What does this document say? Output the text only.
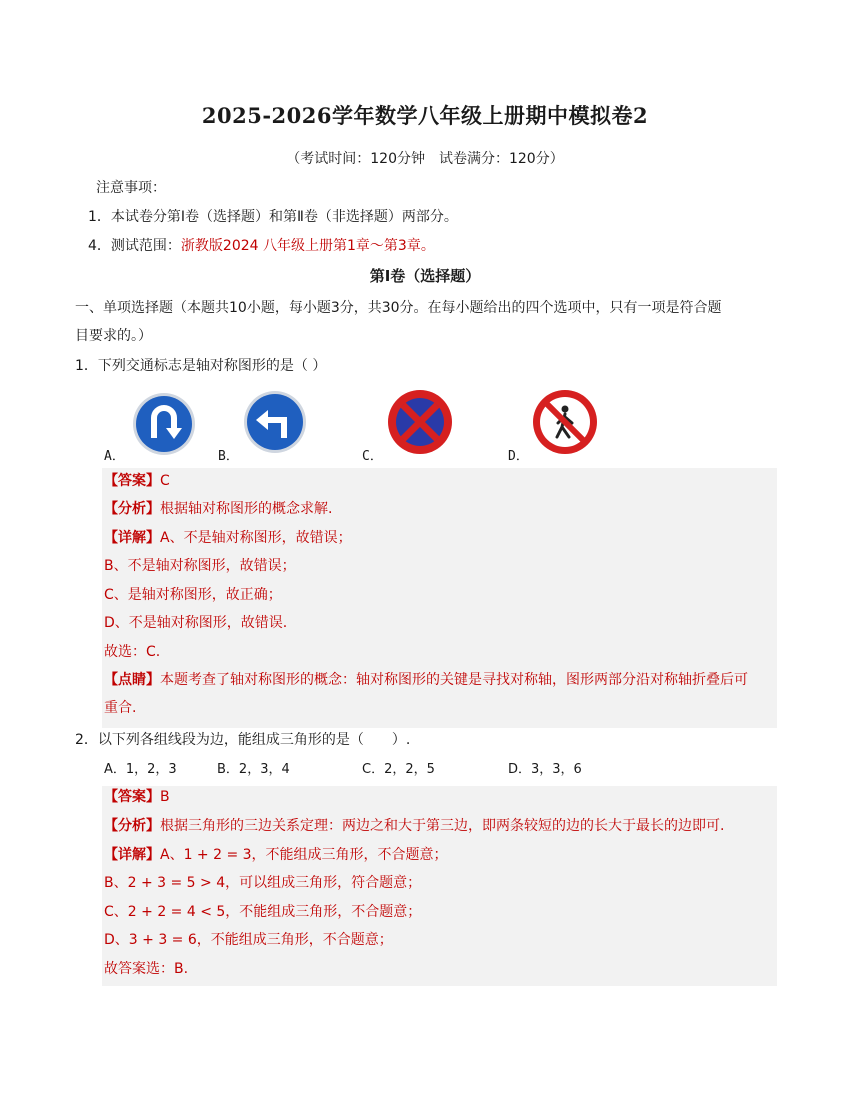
2025-2026学年数学八年级上册期中模拟卷2
（考试时间：120分钟　试卷满分：120分）
注意事项：
1．本试卷分第Ⅰ卷（选择题）和第Ⅱ卷（非选择题）两部分。
4．测试范围：浙教版2024 八年级上册第1章～第3章。
第Ⅰ卷（选择题）
一、单项选择题（本题共10小题，每小题3分，共30分。在每小题给出的四个选项中，只有一项是符合题
目要求的。）
1．下列交通标志是轴对称图形的是（ ）
A．	B．	C．	D．
【答案】C
【分析】根据轴对称图形的概念求解.
【详解】A、不是轴对称图形，故错误；
B、不是轴对称图形，故错误；
C、是轴对称图形，故正确；
D、不是轴对称图形，故错误.
故选：C.
【点睛】本题考查了轴对称图形的概念：轴对称图形的关键是寻找对称轴，图形两部分沿对称轴折叠后可
重合.
2．以下列各组线段为边，能组成三角形的是（　　）.
A．1，2，3	B．2，3，4	C．2，2，5	D．3，3，6
【答案】B
【分析】根据三角形的三边关系定理：两边之和大于第三边，即两条较短的边的长大于最长的边即可.
【详解】A、1 + 2 = 3，不能组成三角形，不合题意；
B、2 + 3 = 5 > 4，可以组成三角形，符合题意；
C、2 + 2 = 4 < 5，不能组成三角形，不合题意；
D、3 + 3 = 6，不能组成三角形，不合题意；
故答案选：B.
